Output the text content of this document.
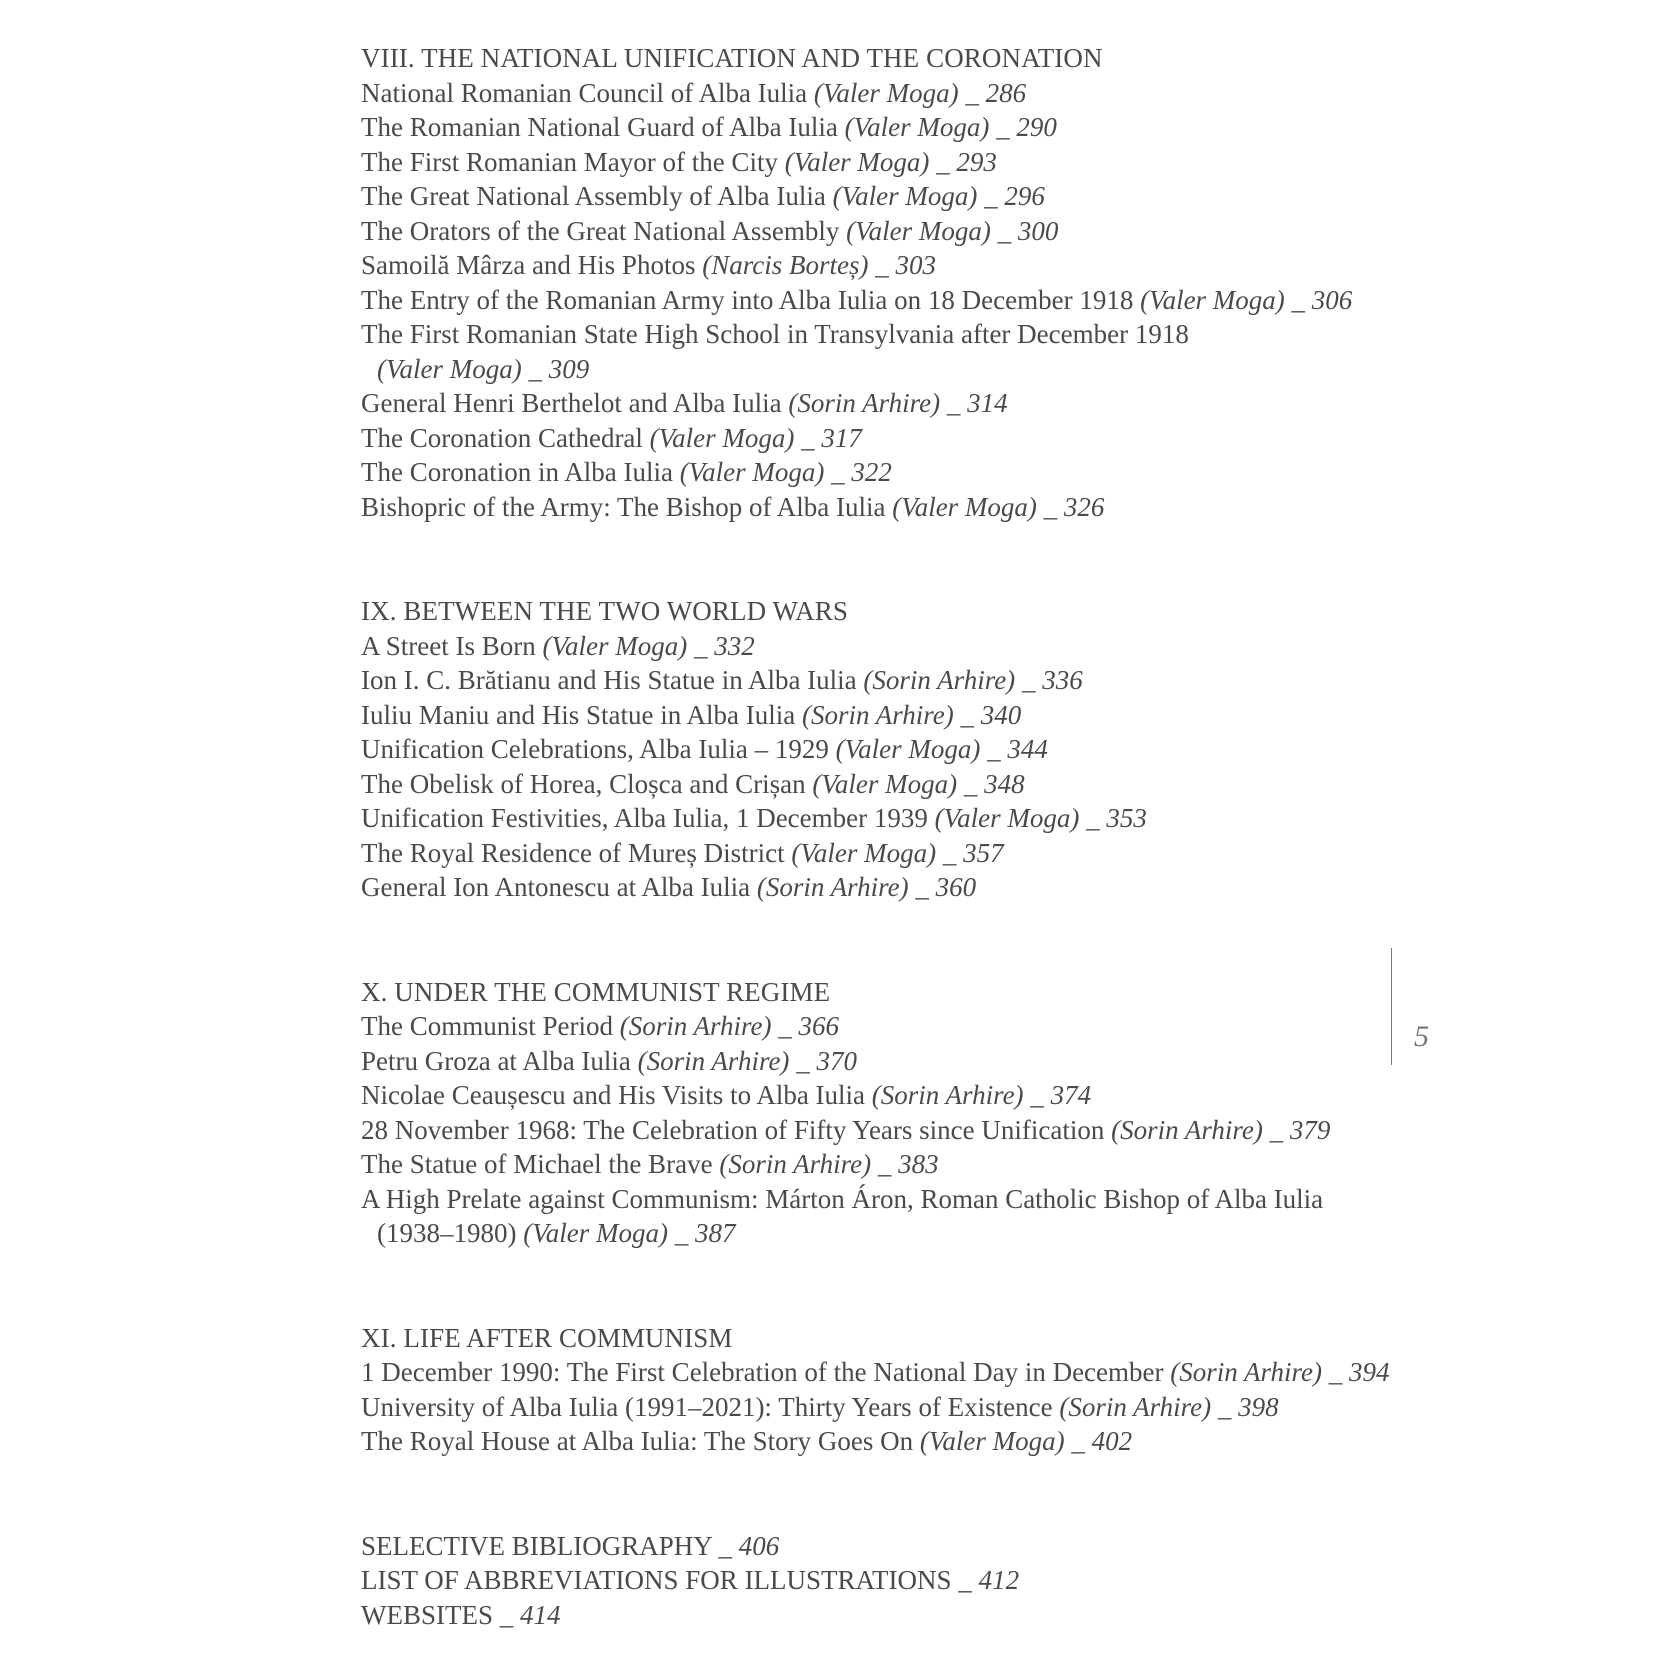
VIII. THE NATIONAL UNIFICATION AND THE CORONATION
National Romanian Council of Alba Iulia (Valer Moga) _ 286
The Romanian National Guard of Alba Iulia (Valer Moga) _ 290
The First Romanian Mayor of the City (Valer Moga) _ 293
The Great National Assembly of Alba Iulia (Valer Moga) _ 296
The Orators of the Great National Assembly (Valer Moga) _ 300
Samoilă Mârza and His Photos (Narcis Borteș) _ 303
The Entry of the Romanian Army into Alba Iulia on 18 December 1918 (Valer Moga) _ 306
The First Romanian State High School in Transylvania after December 1918
(Valer Moga) _ 309
General Henri Berthelot and Alba Iulia (Sorin Arhire) _ 314
The Coronation Cathedral (Valer Moga) _ 317
The Coronation in Alba Iulia (Valer Moga) _ 322
Bishopric of the Army: The Bishop of Alba Iulia (Valer Moga) _ 326
IX. BETWEEN THE TWO WORLD WARS
A Street Is Born (Valer Moga) _ 332
Ion I. C. Brătianu and His Statue in Alba Iulia (Sorin Arhire) _ 336
Iuliu Maniu and His Statue in Alba Iulia (Sorin Arhire) _ 340
Unification Celebrations, Alba Iulia – 1929 (Valer Moga) _ 344
The Obelisk of Horea, Cloșca and Crișan (Valer Moga) _ 348
Unification Festivities, Alba Iulia, 1 December 1939 (Valer Moga) _ 353
The Royal Residence of Mureș District (Valer Moga) _ 357
General Ion Antonescu at Alba Iulia (Sorin Arhire) _ 360
X. UNDER THE COMMUNIST REGIME
The Communist Period (Sorin Arhire) _ 366
Petru Groza at Alba Iulia (Sorin Arhire) _ 370
Nicolae Ceaușescu and His Visits to Alba Iulia (Sorin Arhire) _ 374
28 November 1968: The Celebration of Fifty Years since Unification (Sorin Arhire) _ 379
The Statue of Michael the Brave (Sorin Arhire) _ 383
A High Prelate against Communism: Márton Áron, Roman Catholic Bishop of Alba Iulia
(1938–1980) (Valer Moga) _ 387
XI. LIFE AFTER COMMUNISM
1 December 1990: The First Celebration of the National Day in December (Sorin Arhire) _ 394
University of Alba Iulia (1991–2021): Thirty Years of Existence (Sorin Arhire) _ 398
The Royal House at Alba Iulia: The Story Goes On (Valer Moga) _ 402
SELECTIVE BIBLIOGRAPHY _ 406
LIST OF ABBREVIATIONS FOR ILLUSTRATIONS _ 412
WEBSITES _ 414
5
